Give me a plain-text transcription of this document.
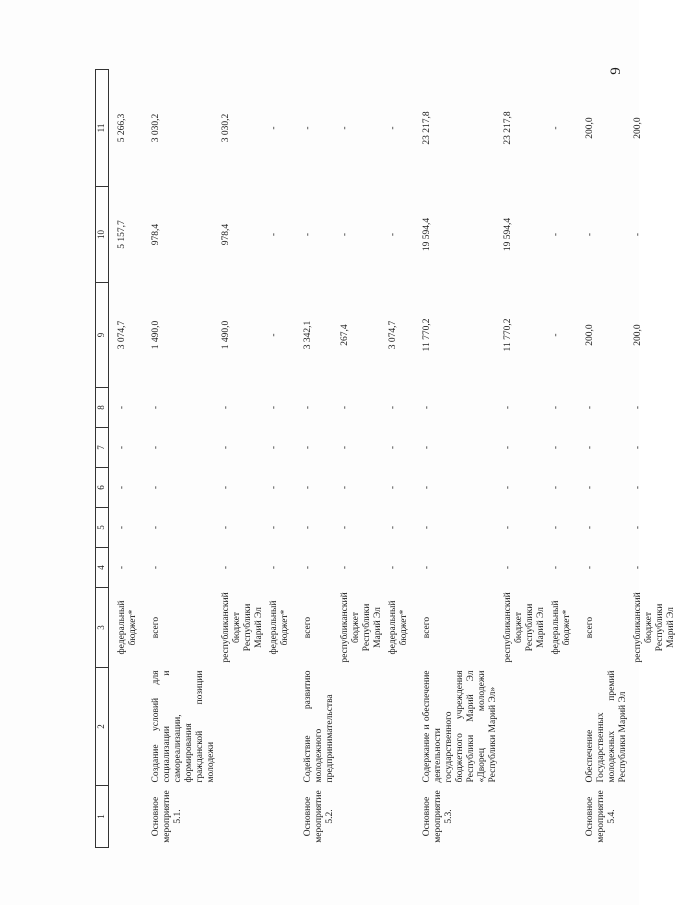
9
1	2	3	4	5	6	7	8	9	10	11
		федеральный бюджет*	-	-	-	-	-	3 074,7	5 157,7	5 266,3
Основное мероприятие 5.1.	Создание условий для социализации и самореализации, формирования гражданской позиции молодежи	всего	-	-	-	-	-	1 490,0	978,4	3 030,2
		республиканский бюджет Республики Марий Эл	-	-	-	-	-	1 490,0	978,4	3 030,2
		федеральный бюджет*	-	-	-	-	-	-	-	-
Основное мероприятие 5.2.	Содействие развитию молодежного предпринимательства	всего	-	-	-	-	-	3 342,1	-	-
		республиканский бюджет Республики Марий Эл	-	-	-	-	-	267,4	-	-
		федеральный бюджет*	-	-	-	-	-	3 074,7	-	-
Основное мероприятие 5.3.	Содержание и обеспечение деятельности государственного бюджетного учреждения Республики Марий Эл «Дворец молодежи Республики Марий Эл»	всего	-	-	-	-	-	11 770,2	19 594,4	23 217,8
		республиканский бюджет Республики Марий Эл	-	-	-	-	-	11 770,2	19 594,4	23 217,8
		федеральный бюджет*	-	-	-	-	-	-	-	-
Основное мероприятие 5.4.	Обеспечение Государственных молодежных премий Республики Марий Эл	всего	-	-	-	-	-	200,0	-	200,0
		республиканский бюджет Республики Марий Эл	-	-	-	-	-	200,0	-	200,0
